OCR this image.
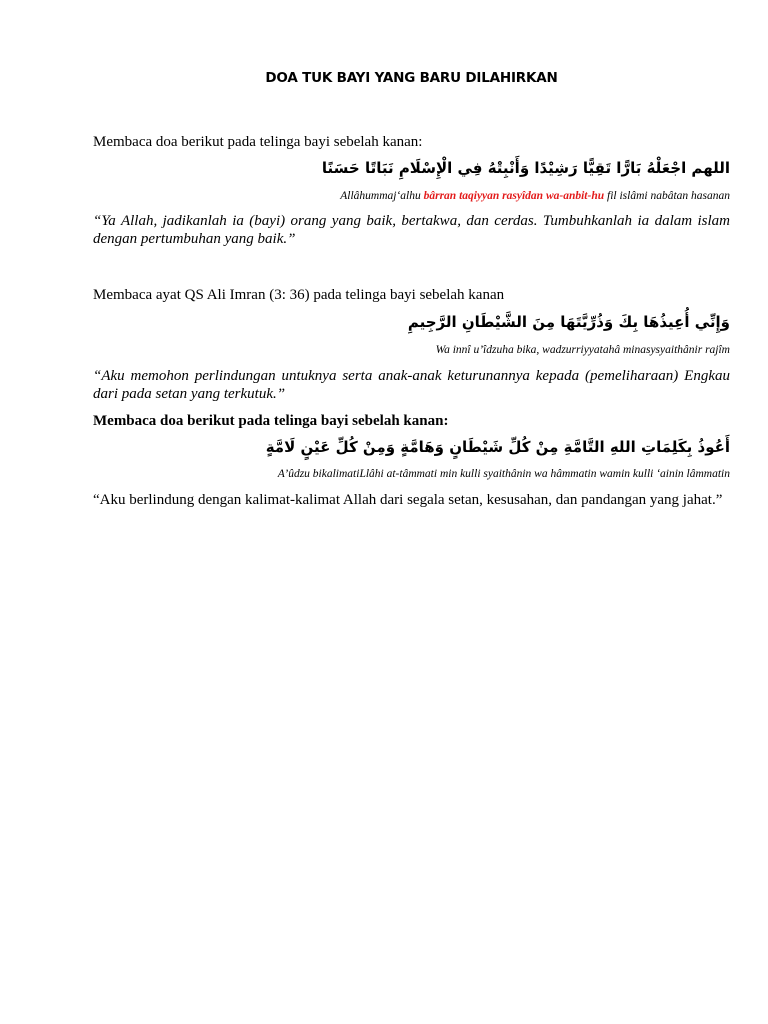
DOA TUK BAYI YANG BARU DILAHIRKAN
Membaca doa berikut pada telinga bayi sebelah kanan:
اللهم اجْعَلْهُ بَارًّا تَقِيًّا رَشِيْدًا وَأَنْبِتْهُ فِي الْإِسْلَامِ نَبَاتًا حَسَنًا
Allâhummaj‘alhu bârran taqiyyan rasyîdan wa-anbit-hu fil islâmi nabâtan hasanan
“Ya Allah, jadikanlah ia (bayi) orang yang baik, bertakwa, dan cerdas. Tumbuhkanlah ia dalam islam dengan pertumbuhan yang baik.”
Membaca ayat QS Ali Imran (3: 36) pada telinga bayi sebelah kanan
وَإِنِّي أُعِيذُهَا بِكَ وَذُرِّيَّتَهَا مِنَ الشَّيْطَانِ الرَّجِيمِ
Wa innî u’îdzuha bika, wadzurriyyatahâ minasysyaithânir rajîm
“Aku memohon perlindungan untuknya serta anak-anak keturunannya kepada (pemeliharaan) Engkau dari pada setan yang terkutuk.”
Membaca doa berikut pada telinga bayi sebelah kanan:
أَعُوذُ بِكَلِمَاتِ اللهِ التَّامَّةِ مِنْ كُلِّ شَيْطَانٍ وَهَامَّةٍ وَمِنْ كُلِّ عَيْنٍ لَامَّةٍ
A’ûdzu bikalimatiLlâhi at-tâmmati min kulli syaithânin wa hâmmatin wamin kulli ‘ainin lâmmatin
“Aku berlindung dengan kalimat-kalimat Allah dari segala setan, kesusahan, dan pandangan yang jahat.”
